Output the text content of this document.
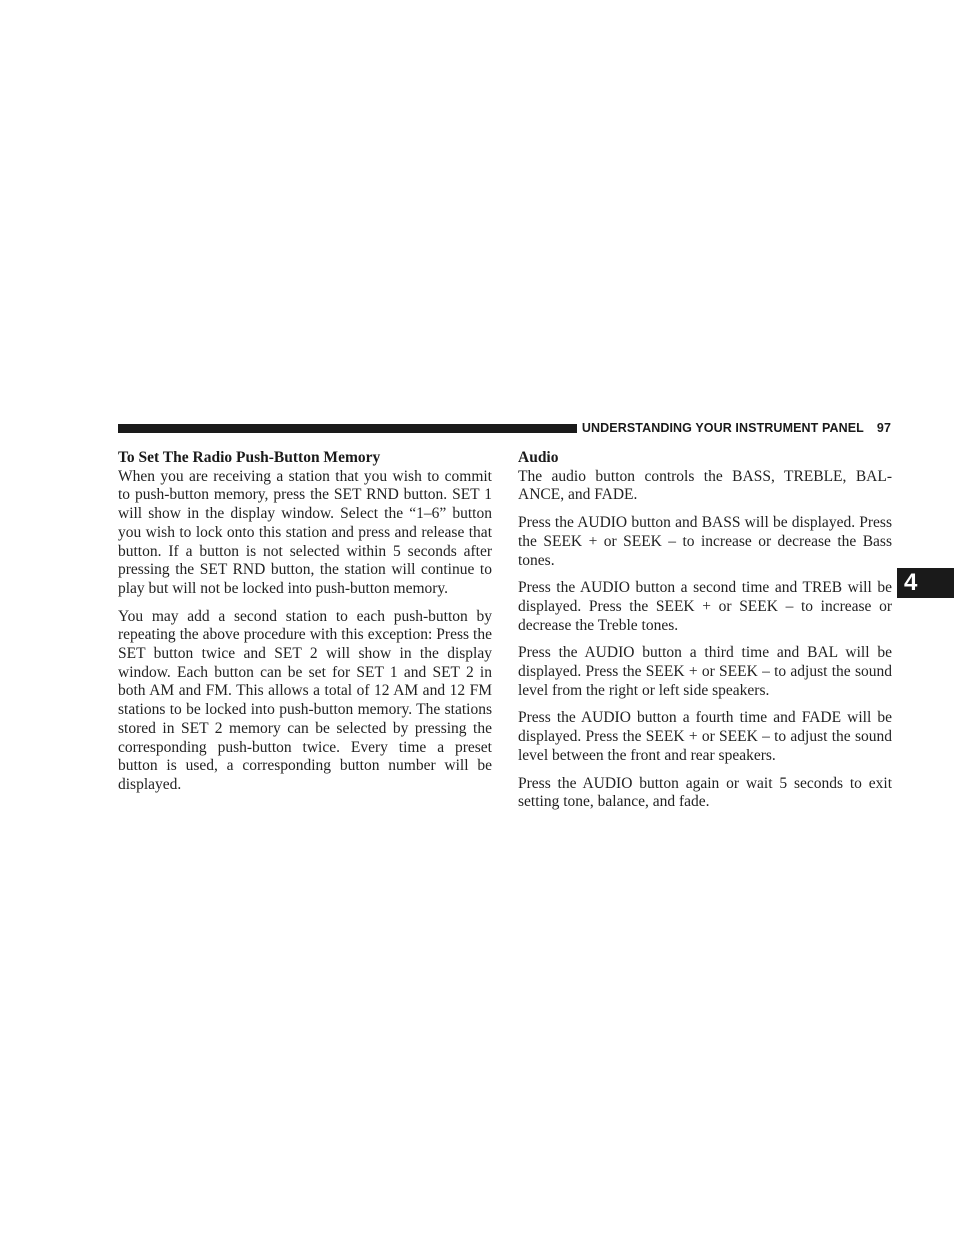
UNDERSTANDING YOUR INSTRUMENT PANEL 97
4
To Set The Radio Push-Button Memory

When you are receiving a station that you wish to commit to push-button memory, press the SET RND button. SET 1 will show in the display window. Select the “1–6” button you wish to lock onto this station and press and release that button. If a button is not selected within 5 seconds after pressing the SET RND button, the station will continue to play but will not be locked into push-button memory.

You may add a second station to each push-button by repeating the above procedure with this exception: Press the SET button twice and SET 2 will show in the display window. Each button can be set for SET 1 and SET 2 in both AM and FM. This allows a total of 12 AM and 12 FM stations to be locked into push-button memory. The stations stored in SET 2 memory can be selected by pressing the corresponding push-button twice. Every time a preset button is used, a corresponding button number will be displayed.

Audio

The audio button controls the BASS, TREBLE, BAL-ANCE, and FADE.

Press the AUDIO button and BASS will be displayed. Press the SEEK + or SEEK – to increase or decrease the Bass tones.

Press the AUDIO button a second time and TREB will be displayed. Press the SEEK + or SEEK – to increase or decrease the Treble tones.

Press the AUDIO button a third time and BAL will be displayed. Press the SEEK + or SEEK – to adjust the sound level from the right or left side speakers.

Press the AUDIO button a fourth time and FADE will be displayed. Press the SEEK + or SEEK – to adjust the sound level between the front and rear speakers.

Press the AUDIO button again or wait 5 seconds to exit setting tone, balance, and fade.
